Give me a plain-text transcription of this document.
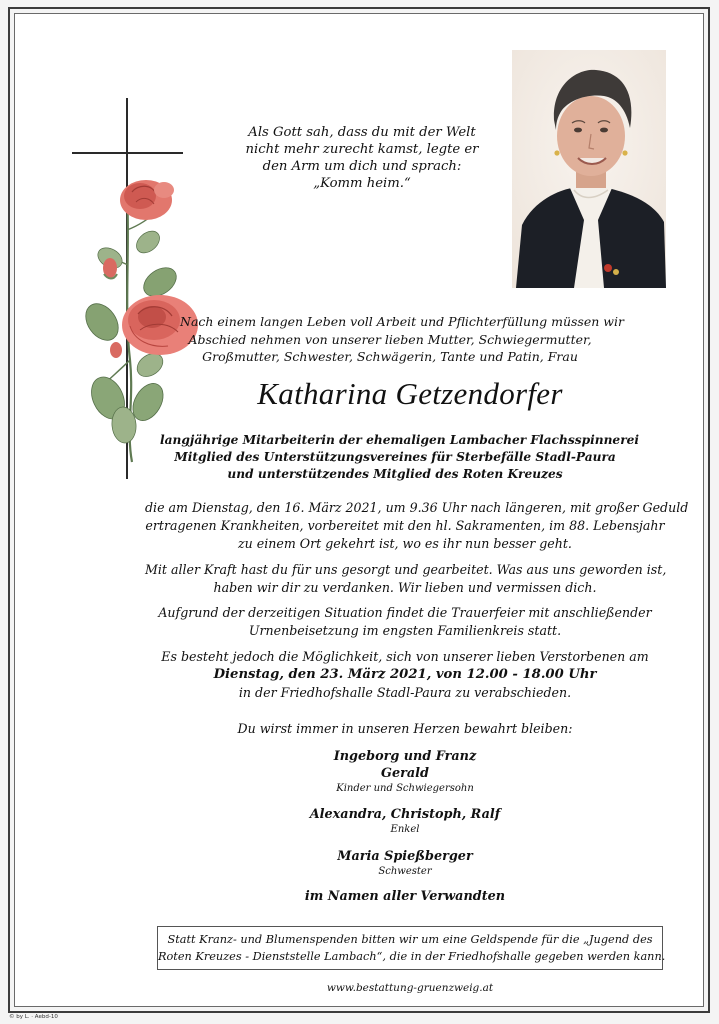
Als Gott sah, dass du mit der Welt
nicht mehr zurecht kamst, legte er
den Arm um dich und sprach:
„Komm heim.“
Nach einem langen Leben voll Arbeit und Pflichterfüllung müssen wir
Abschied nehmen von unserer lieben Mutter, Schwiegermutter,
Großmutter, Schwester, Schwägerin, Tante und Patin, Frau
Katharina Getzendorfer
langjährige Mitarbeiterin der ehemaligen Lambacher Flachsspinnerei
Mitglied des Unterstützungsvereines für Sterbefälle Stadl-Paura
und unterstützendes Mitglied des Roten Kreuzes
die am Dienstag, den 16. März 2021, um 9.36 Uhr nach längeren, mit großer Geduld
ertragenen Krankheiten, vorbereitet mit den hl. Sakramenten, im 88. Lebensjahr
zu einem Ort gekehrt ist, wo es ihr nun besser geht.
Mit aller Kraft hast du für uns gesorgt und gearbeitet. Was aus uns geworden ist,
haben wir dir zu verdanken. Wir lieben und vermissen dich.
Aufgrund der derzeitigen Situation findet die Trauerfeier mit anschließender
Urnenbeisetzung im engsten Familienkreis statt.
Es besteht jedoch die Möglichkeit, sich von unserer lieben Verstorbenen am
Dienstag, den 23. März 2021, von 12.00 - 18.00 Uhr
in der Friedhofshalle Stadl-Paura zu verabschieden.
Du wirst immer in unseren Herzen bewahrt bleiben:
Ingeborg und Franz
Gerald
Kinder und Schwiegersohn
Alexandra, Christoph, Ralf
Enkel
Maria Spießberger
Schwester
im Namen aller Verwandten
Statt Kranz- und Blumenspenden bitten wir um eine Geldspende für die „Jugend des
Roten Kreuzes - Dienststelle Lambach“, die in der Friedhofshalle gegeben werden kann.
www.bestattung-gruenzweig.at
© by L. · Aebd-10
